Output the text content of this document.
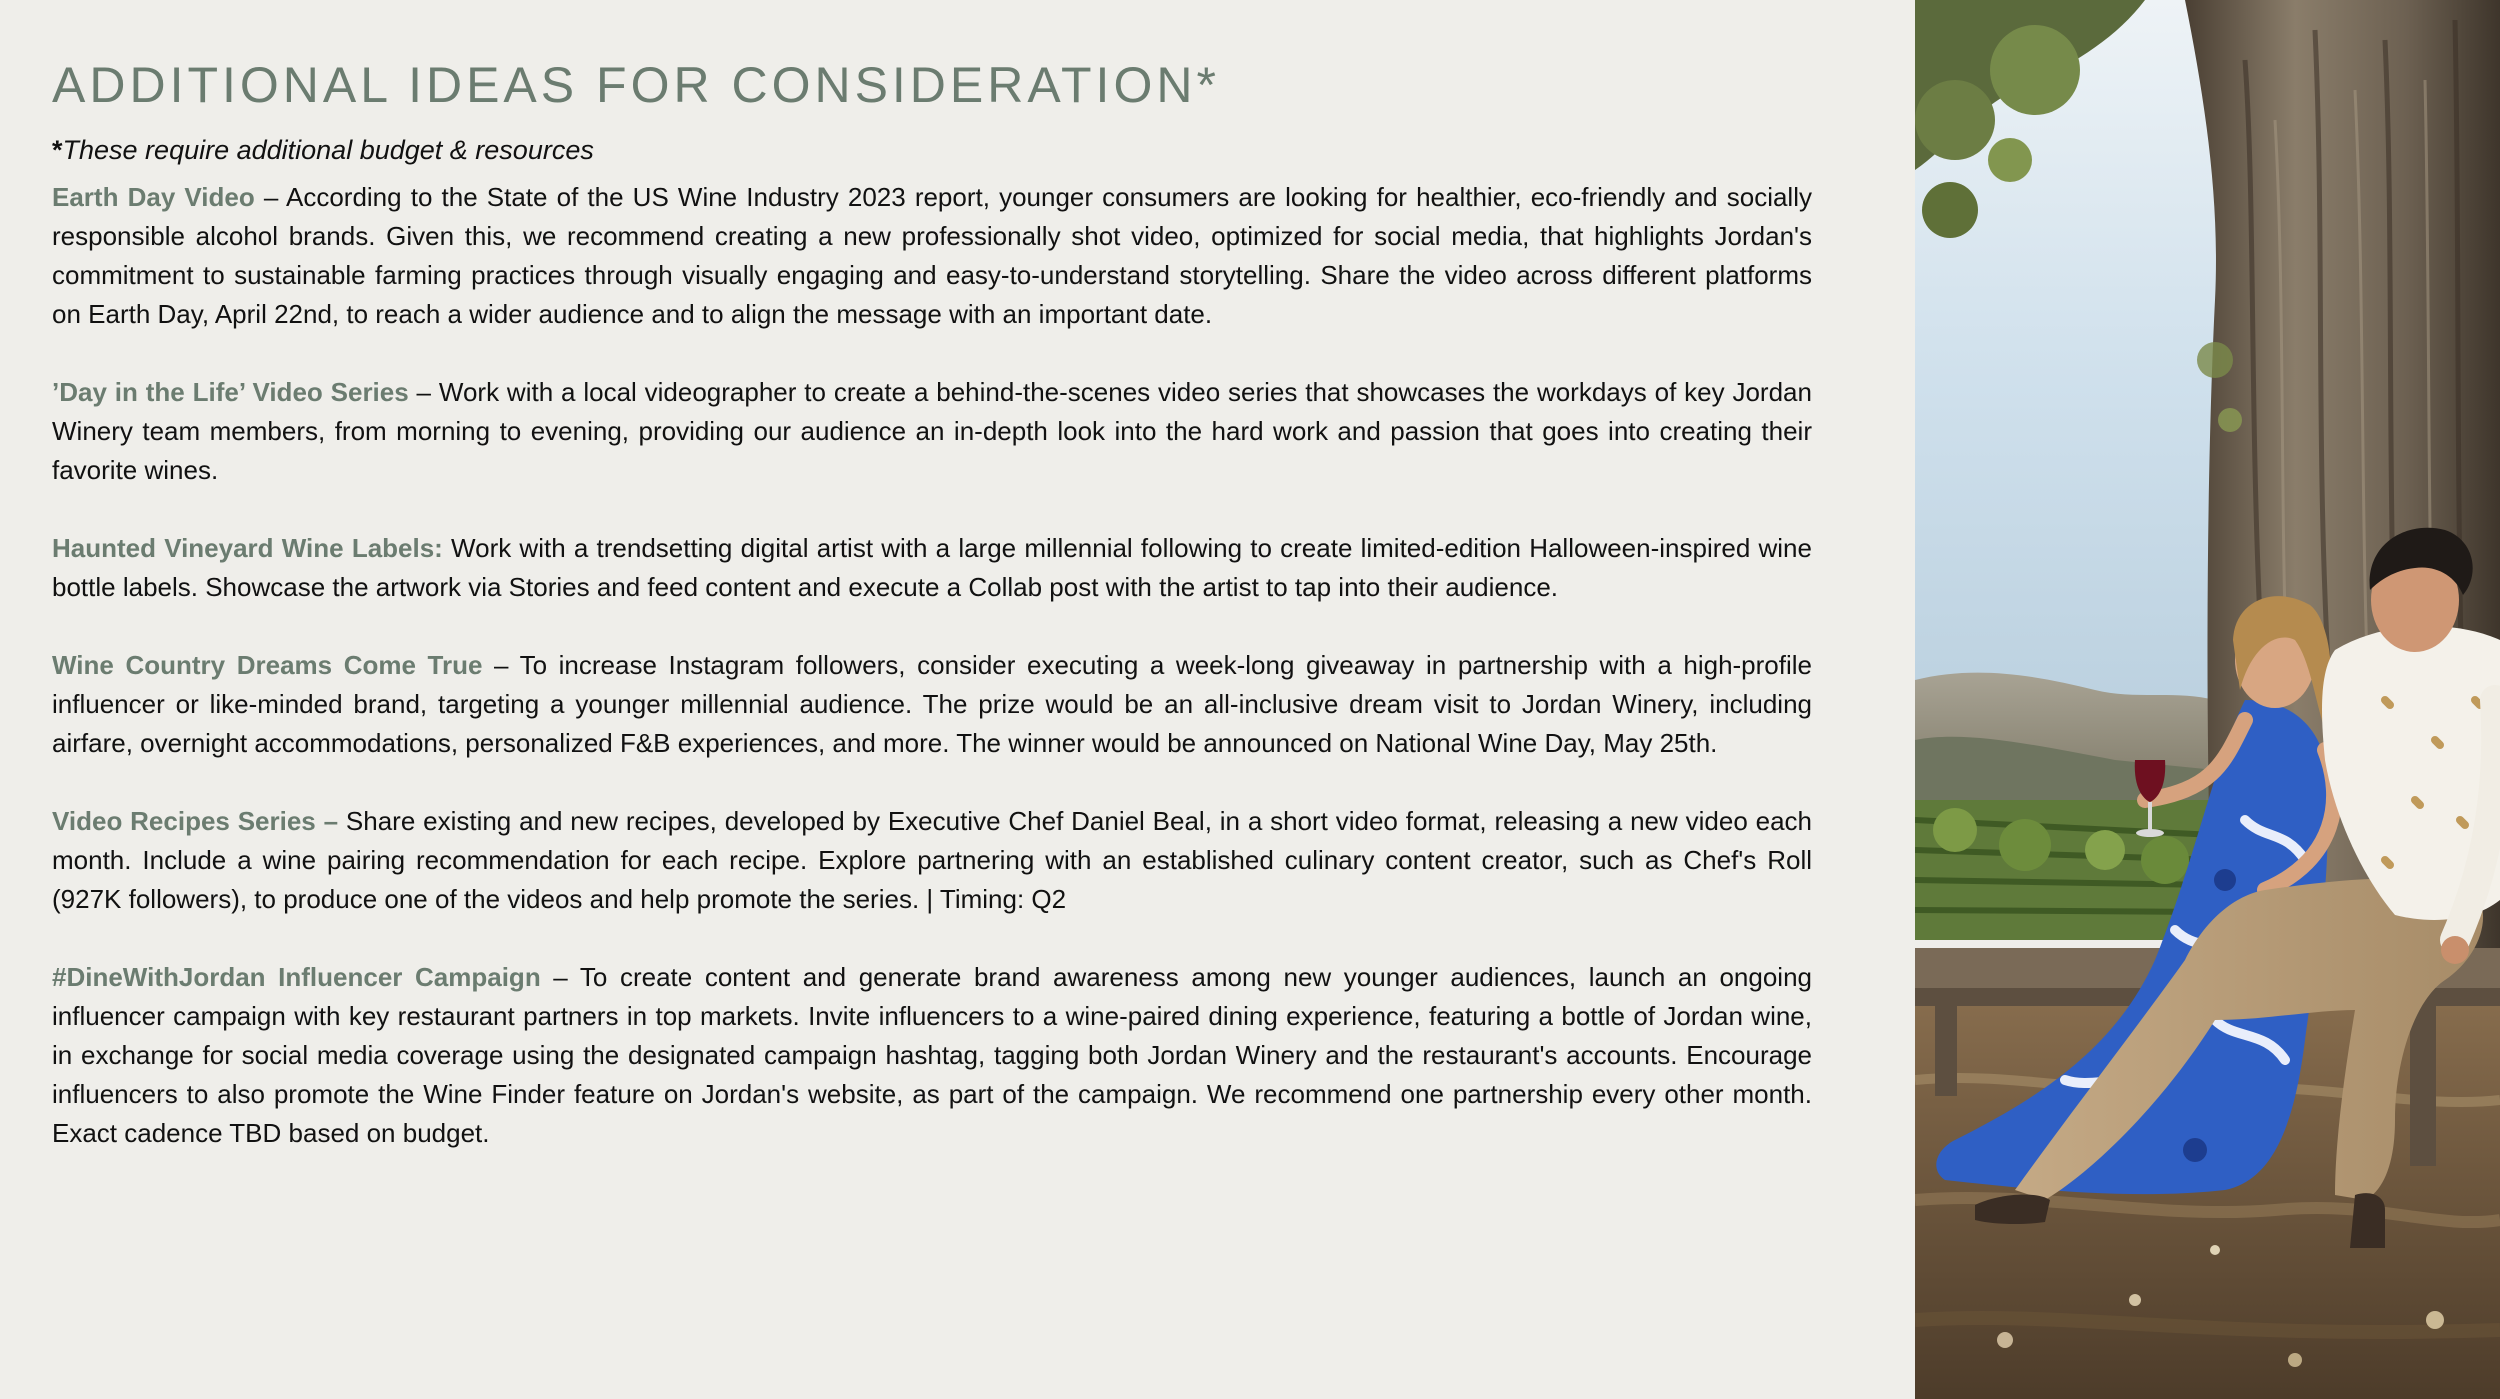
ADDITIONAL IDEAS FOR CONSIDERATION*

*These require additional budget & resources

Earth Day Video – According to the State of the US Wine Industry 2023 report, younger consumers are looking for healthier, eco-friendly and socially responsible alcohol brands. Given this, we recommend creating a new professionally shot video, optimized for social media, that highlights Jordan's commitment to sustainable farming practices through visually engaging and easy-to-understand storytelling. Share the video across different platforms on Earth Day, April 22nd, to reach a wider audience and to align the message with an important date.

’Day in the Life’ Video Series – Work with a local videographer to create a behind-the-scenes video series that showcases the workdays of key Jordan Winery team members, from morning to evening, providing our audience an in-depth look into the hard work and passion that goes into creating their favorite wines.

Haunted Vineyard Wine Labels: Work with a trendsetting digital artist with a large millennial following to create limited-edition Halloween-inspired wine bottle labels. Showcase the artwork via Stories and feed content and execute a Collab post with the artist to tap into their audience.

Wine Country Dreams Come True – To increase Instagram followers, consider executing a week-long giveaway in partnership with a high-profile influencer or like-minded brand, targeting a younger millennial audience. The prize would be an all-inclusive dream visit to Jordan Winery, including airfare, overnight accommodations, personalized F&B experiences, and more. The winner would be announced on National Wine Day, May 25th.

Video Recipes Series – Share existing and new recipes, developed by Executive Chef Daniel Beal, in a short video format, releasing a new video each month. Include a wine pairing recommendation for each recipe. Explore partnering with an established culinary content creator, such as Chef's Roll (927K followers), to produce one of the videos and help promote the series. | Timing: Q2

#DineWithJordan Influencer Campaign – To create content and generate brand awareness among new younger audiences, launch an ongoing influencer campaign with key restaurant partners in top markets. Invite influencers to a wine-paired dining experience, featuring a bottle of Jordan wine, in exchange for social media coverage using the designated campaign hashtag, tagging both Jordan Winery and the restaurant's accounts. Encourage influencers to also promote the Wine Finder feature on Jordan's website, as part of the campaign. We recommend one partnership every other month. Exact cadence TBD based on budget.
